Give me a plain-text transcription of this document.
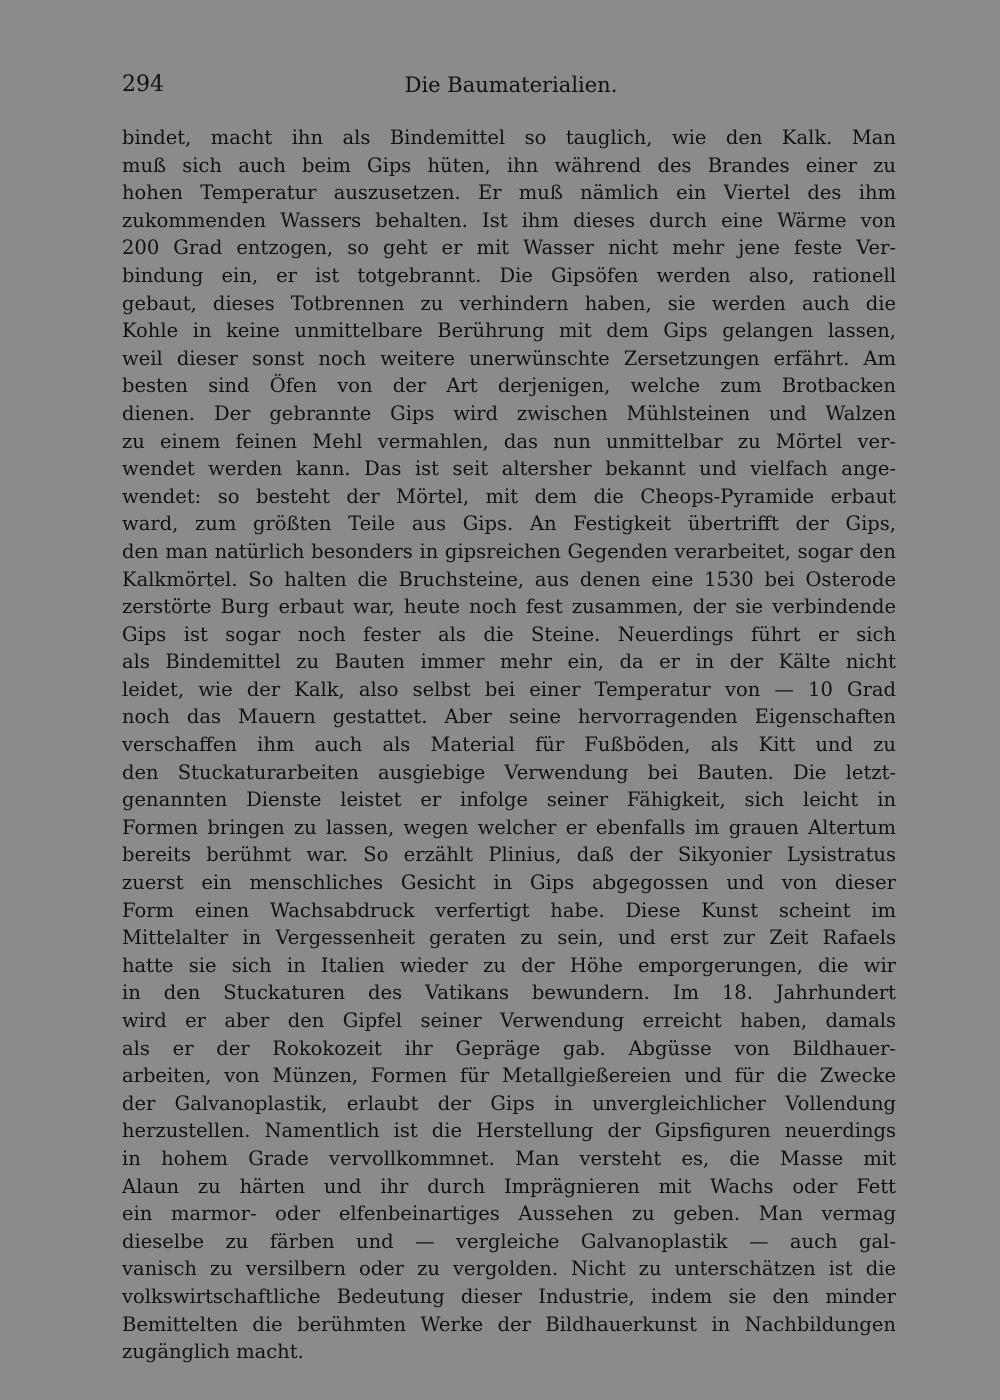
294	Die Baumaterialien.
bindet, macht ihn als Bindemittel so tauglich, wie den Kalk. Man
muß sich auch beim Gips hüten, ihn während des Brandes einer zu
hohen Temperatur auszusetzen. Er muß nämlich ein Viertel des ihm
zukommenden Wassers behalten. Ist ihm dieses durch eine Wärme von
200 Grad entzogen, so geht er mit Wasser nicht mehr jene feste Ver-
bindung ein, er ist totgebrannt. Die Gipsöfen werden also, rationell
gebaut, dieses Totbrennen zu verhindern haben, sie werden auch die
Kohle in keine unmittelbare Berührung mit dem Gips gelangen lassen,
weil dieser sonst noch weitere unerwünschte Zersetzungen erfährt. Am
besten sind Öfen von der Art derjenigen, welche zum Brotbacken
dienen. Der gebrannte Gips wird zwischen Mühlsteinen und Walzen
zu einem feinen Mehl vermahlen, das nun unmittelbar zu Mörtel ver-
wendet werden kann. Das ist seit altersher bekannt und vielfach ange-
wendet: so besteht der Mörtel, mit dem die Cheops-Pyramide erbaut
ward, zum größten Teile aus Gips. An Festigkeit übertrifft der Gips,
den man natürlich besonders in gipsreichen Gegenden verarbeitet, sogar den
Kalkmörtel. So halten die Bruchsteine, aus denen eine 1530 bei Osterode
zerstörte Burg erbaut war, heute noch fest zusammen, der sie verbindende
Gips ist sogar noch fester als die Steine. Neuerdings führt er sich
als Bindemittel zu Bauten immer mehr ein, da er in der Kälte nicht
leidet, wie der Kalk, also selbst bei einer Temperatur von — 10 Grad
noch das Mauern gestattet. Aber seine hervorragenden Eigenschaften
verschaffen ihm auch als Material für Fußböden, als Kitt und zu
den Stuckaturarbeiten ausgiebige Verwendung bei Bauten. Die letzt-
genannten Dienste leistet er infolge seiner Fähigkeit, sich leicht in
Formen bringen zu lassen, wegen welcher er ebenfalls im grauen Altertum
bereits berühmt war. So erzählt Plinius, daß der Sikyonier Lysistratus
zuerst ein menschliches Gesicht in Gips abgegossen und von dieser
Form einen Wachsabdruck verfertigt habe. Diese Kunst scheint im
Mittelalter in Vergessenheit geraten zu sein, und erst zur Zeit Rafaels
hatte sie sich in Italien wieder zu der Höhe emporgerungen, die wir
in den Stuckaturen des Vatikans bewundern. Im 18. Jahrhundert
wird er aber den Gipfel seiner Verwendung erreicht haben, damals
als er der Rokokozeit ihr Gepräge gab. Abgüsse von Bildhauer-
arbeiten, von Münzen, Formen für Metallgießereien und für die Zwecke
der Galvanoplastik, erlaubt der Gips in unvergleichlicher Vollendung
herzustellen. Namentlich ist die Herstellung der Gipsfiguren neuerdings
in hohem Grade vervollkommnet. Man versteht es, die Masse mit
Alaun zu härten und ihr durch Imprägnieren mit Wachs oder Fett
ein marmor- oder elfenbeinartiges Aussehen zu geben. Man vermag
dieselbe zu färben und — vergleiche Galvanoplastik — auch gal-
vanisch zu versilbern oder zu vergolden. Nicht zu unterschätzen ist die
volkswirtschaftliche Bedeutung dieser Industrie, indem sie den minder
Bemittelten die berühmten Werke der Bildhauerkunst in Nachbildungen
zugänglich macht.
